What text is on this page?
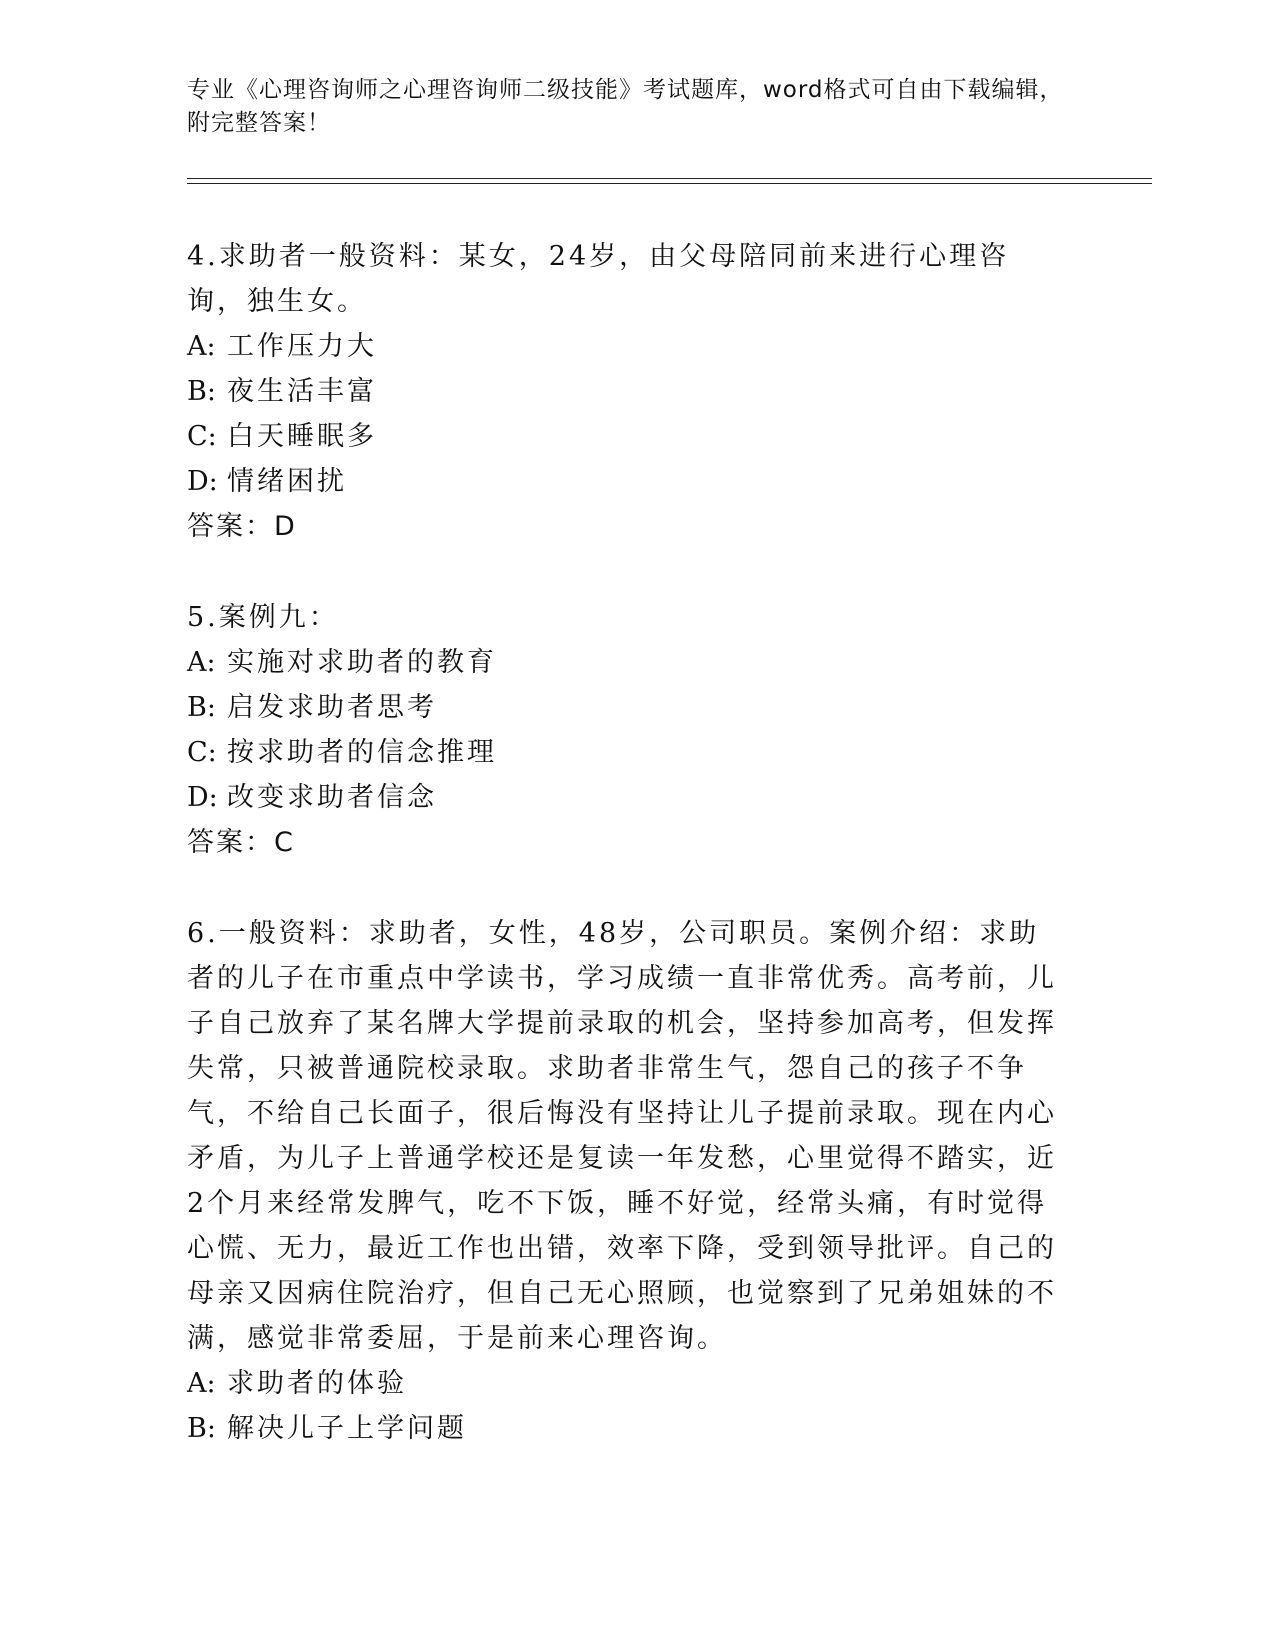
专业《心理咨询师之心理咨询师二级技能》考试题库，word格式可自由下载编辑，附完整答案！

4.求助者一般资料：某女，24岁，由父母陪同前来进行心理咨询，独生女。

A: 工作压力大
B: 夜生活丰富
C: 白天睡眠多
D: 情绪困扰

答案：D

5.案例九：

A: 实施对求助者的教育
B: 启发求助者思考
C: 按求助者的信念推理
D: 改变求助者信念

答案：C

6.一般资料：求助者，女性，48岁，公司职员。案例介绍：求助者的儿子在市重点中学读书，学习成绩一直非常优秀。高考前，儿子自己放弃了某名牌大学提前录取的机会，坚持参加高考，但发挥失常，只被普通院校录取。求助者非常生气，怨自己的孩子不争气，不给自己长面子，很后悔没有坚持让儿子提前录取。现在内心矛盾，为儿子上普通学校还是复读一年发愁，心里觉得不踏实，近2个月来经常发脾气，吃不下饭，睡不好觉，经常头痛，有时觉得心慌、无力，最近工作也出错，效率下降，受到领导批评。自己的母亲又因病住院治疗，但自己无心照顾，也觉察到了兄弟姐妹的不满，感觉非常委屈，于是前来心理咨询。

A: 求助者的体验
B: 解决儿子上学问题
